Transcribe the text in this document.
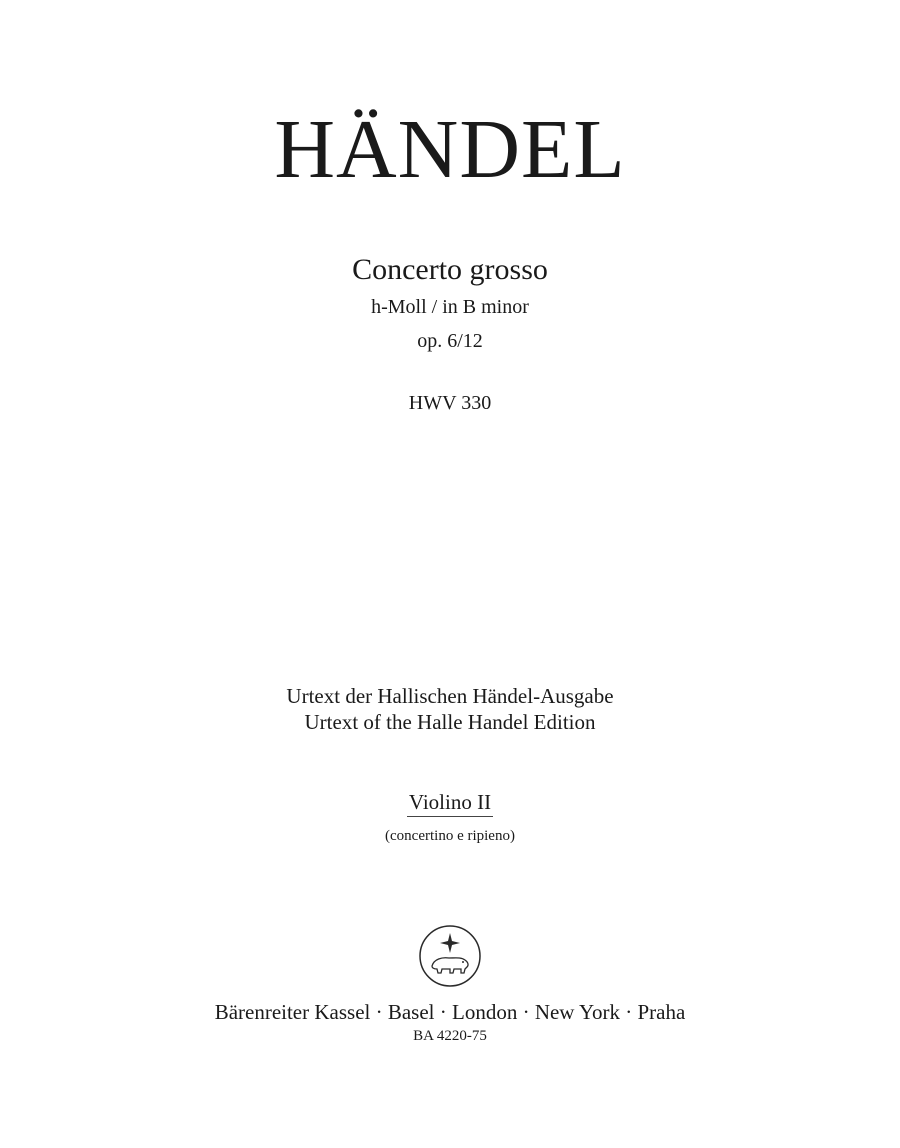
HÄNDEL
Concerto grosso
h-Moll / in B minor
op. 6/12
HWV 330
Urtext der Hallischen Händel-Ausgabe
Urtext of the Halle Handel Edition
Violino II
(concertino e ripieno)
Bärenreiter Kassel · Basel · London · New York · Praha
BA 4220-75
